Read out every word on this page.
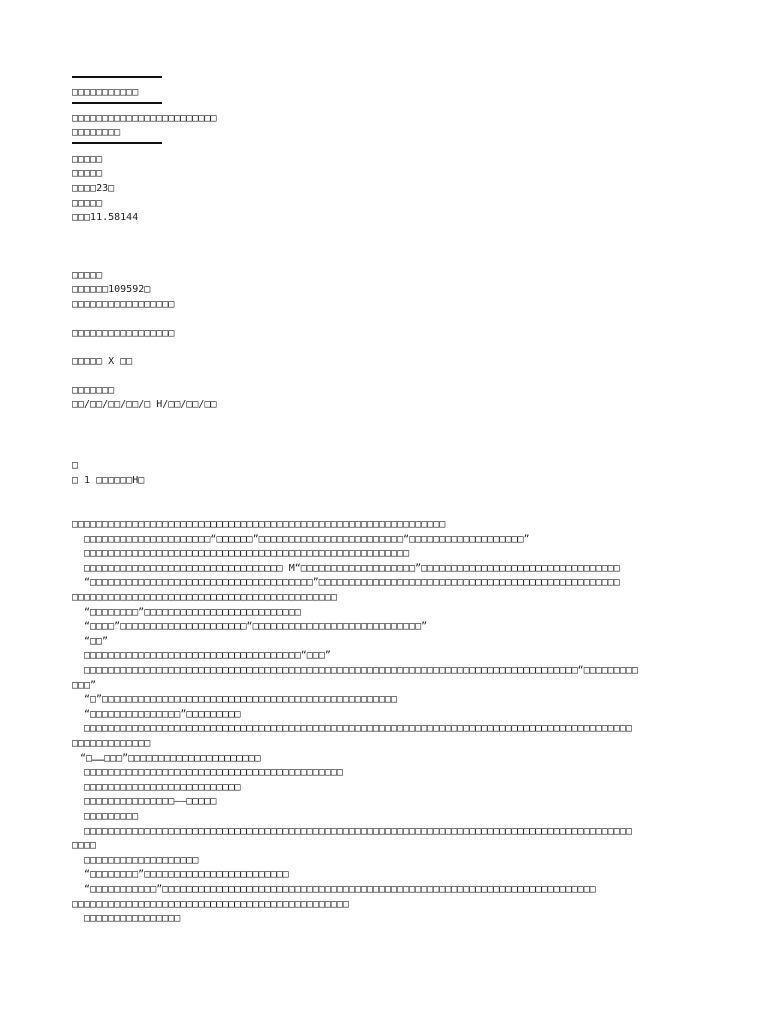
□□□□□□□□□□□
□□□□□□□□□□□□□□□□□□□□□□□□
□□□□□□□□
□□□□□
□□□□□
□□□□23□
□□□□□
□□□11.58144
□□□□□
□□□□□□109592□
□□□□□□□□□□□□□□□□□
□□□□□□□□□□□□□□□□□
□□□□□ X □□
□□□□□□□
□□/□□/□□/□□/□ H/□□/□□/□□
□
□ 1 □□□□□□H□
□□□□□□□□□□□□□□□□□□□□□□□□□□□□□□□□□□□□□□□□□□□□□□□□□□□□□□□□□□□□□□
□□□□□□□□□□□□□□□□□□□□□“□□□□□□”□□□□□□□□□□□□□□□□□□□□□□□□“□□□□□□□□□□□□□□□□□□□”
□□□□□□□□□□□□□□□□□□□□□□□□□□□□□□□□□□□□□□□□□□□□□□□□□□□□□□
□□□□□□□□□□□□□□□□□□□□□□□□□□□□□□□□□ M“□□□□□□□□□□□□□□□□□□□”□□□□□□□□□□□□□□□□□□□□□□□□□□□□□□□□□
“□□□□□□□□□□□□□□□□□□□□□□□□□□□□□□□□□□□□□”□□□□□□□□□□□□□□□□□□□□□□□□□□□□□□□□□□□□□□□□□□□□□□□□□□
□□□□□□□□□□□□□□□□□□□□□□□□□□□□□□□□□□□□□□□□□□□□
“□□□□□□□□”□□□□□□□□□□□□□□□□□□□□□□□□□□
“□□□□”□□□□□□□□□□□□□□□□□□□□□“□□□□□□□□□□□□□□□□□□□□□□□□□□□□”
“□□”
□□□□□□□□□□□□□□□□□□□□□□□□□□□□□□□□□□□□“□□□”
□□□□□□□□□□□□□□□□□□□□□□□□□□□□□□□□□□□□□□□□□□□□□□□□□□□□□□□□□□□□□□□□□□□□□□□□□□□□□□□□□□“□□□□□□□□□
□□□”
“□”□□□□□□□□□□□□□□□□□□□□□□□□□□□□□□□□□□□□□□□□□□□□□□□□□
“□□□□□□□□□□□□□□□”□□□□□□□□□
□□□□□□□□□□□□□□□□□□□□□□□□□□□□□□□□□□□□□□□□□□□□□□□□□□□□□□□□□□□□□□□□□□□□□□□□□□□□□□□□□□□□□□□□□□□
□□□□□□□□□□□□□
“□……□□□”□□□□□□□□□□□□□□□□□□□□□□
□□□□□□□□□□□□□□□□□□□□□□□□□□□□□□□□□□□□□□□□□□□
□□□□□□□□□□□□□□□□□□□□□□□□□□
□□□□□□□□□□□□□□□——□□□□□
□□□□□□□□□
□□□□□□□□□□□□□□□□□□□□□□□□□□□□□□□□□□□□□□□□□□□□□□□□□□□□□□□□□□□□□□□□□□□□□□□□□□□□□□□□□□□□□□□□□□□
□□□□
□□□□□□□□□□□□□□□□□□□
“□□□□□□□□”□□□□□□□□□□□□□□□□□□□□□□□□
“□□□□□□□□□□□”□□□□□□□□□□□□□□□□□□□□□□□□□□□□□□□□□□□□□□□□□□□□□□□□□□□□□□□□□□□□□□□□□□□□□□□□
□□□□□□□□□□□□□□□□□□□□□□□□□□□□□□□□□□□□□□□□□□□□□□
□□□□□□□□□□□□□□□□
